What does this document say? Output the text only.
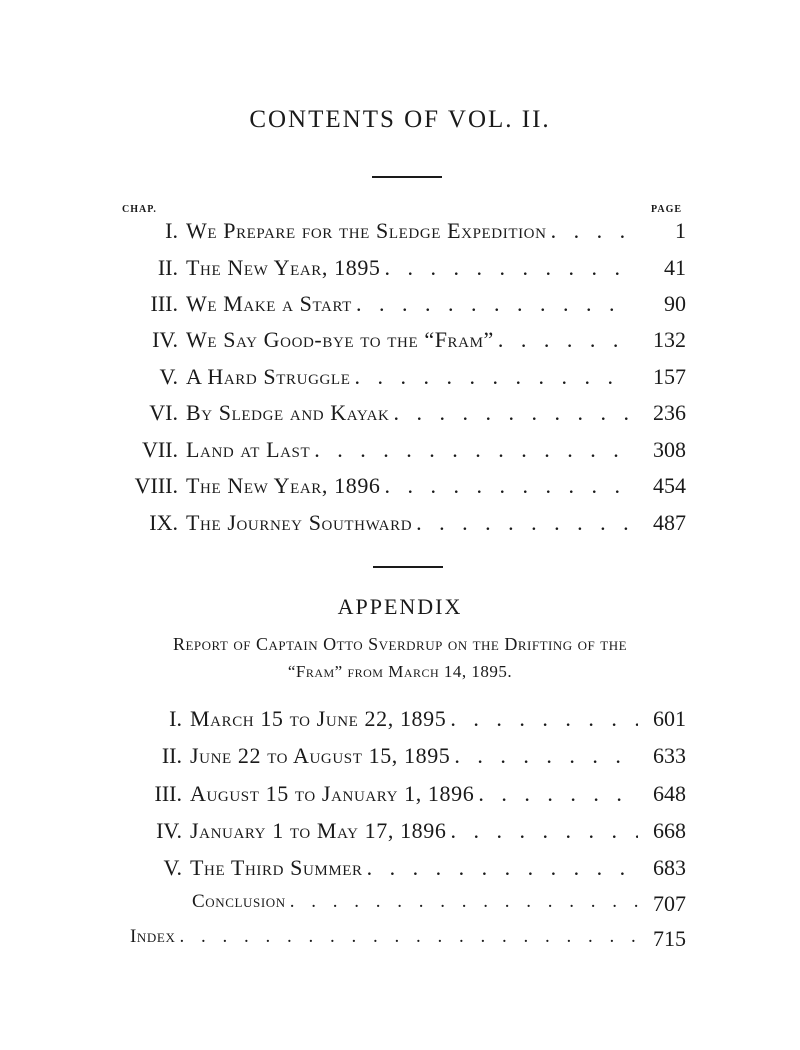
CONTENTS OF VOL. II.
CHAP.	PAGE
I. We Prepare for the Sledge Expedition . . .	1
II. The New Year, 1895 . . .	41
III. We Make a Start . . .	90
IV. We Say Good-bye to the “Fram” . . .	132
V. A Hard Struggle . . .	157
VI. By Sledge and Kayak . . .	236
VII. Land at Last . . .	308
VIII. The New Year, 1896 . . .	454
IX. The Journey Southward . . .	487
APPENDIX
Report of Captain Otto Sverdrup on the Drifting of the
“Fram” from March 14, 1895.
I. March 15 to June 22, 1895 . . .	601
II. June 22 to August 15, 1895 . . .	633
III. August 15 to January 1, 1896 . . .	648
IV. January 1 to May 17, 1896 . . .	668
V. The Third Summer . . .	683
Conclusion . . .	707
Index . . .	715
